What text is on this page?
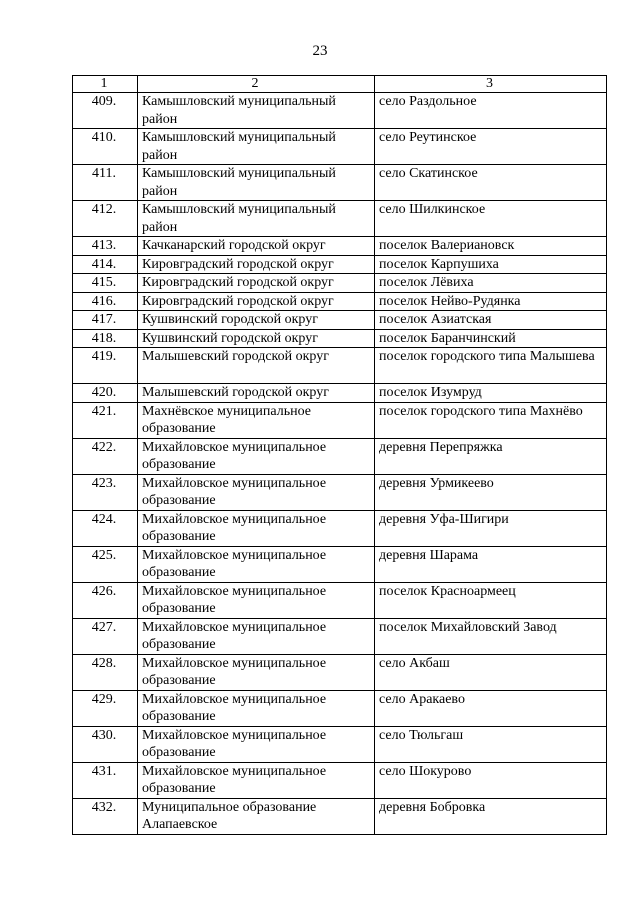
23
1	2	3
409.	Камышловский муниципальный район	село Раздольное
410.	Камышловский муниципальный район	село Реутинское
411.	Камышловский муниципальный район	село Скатинское
412.	Камышловский муниципальный район	село Шилкинское
413.	Качканарский городской округ	поселок Валериановск
414.	Кировградский городской округ	поселок Карпушиха
415.	Кировградский городской округ	поселок Лёвиха
416.	Кировградский городской округ	поселок Нейво-Рудянка
417.	Кушвинский городской округ	поселок Азиатская
418.	Кушвинский городской округ	поселок Баранчинский
419.	Малышевский городской округ	поселок городского типа Малышева
420.	Малышевский городской округ	поселок Изумруд
421.	Махнёвское муниципальное образование	поселок городского типа Махнёво
422.	Михайловское муниципальное образование	деревня Перепряжка
423.	Михайловское муниципальное образование	деревня Урмикеево
424.	Михайловское муниципальное образование	деревня Уфа-Шигири
425.	Михайловское муниципальное образование	деревня Шарама
426.	Михайловское муниципальное образование	поселок Красноармеец
427.	Михайловское муниципальное образование	поселок Михайловский Завод
428.	Михайловское муниципальное образование	село Акбаш
429.	Михайловское муниципальное образование	село Аракаево
430.	Михайловское муниципальное образование	село Тюльгаш
431.	Михайловское муниципальное образование	село Шокурово
432.	Муниципальное образование Алапаевское	деревня Бобровка
